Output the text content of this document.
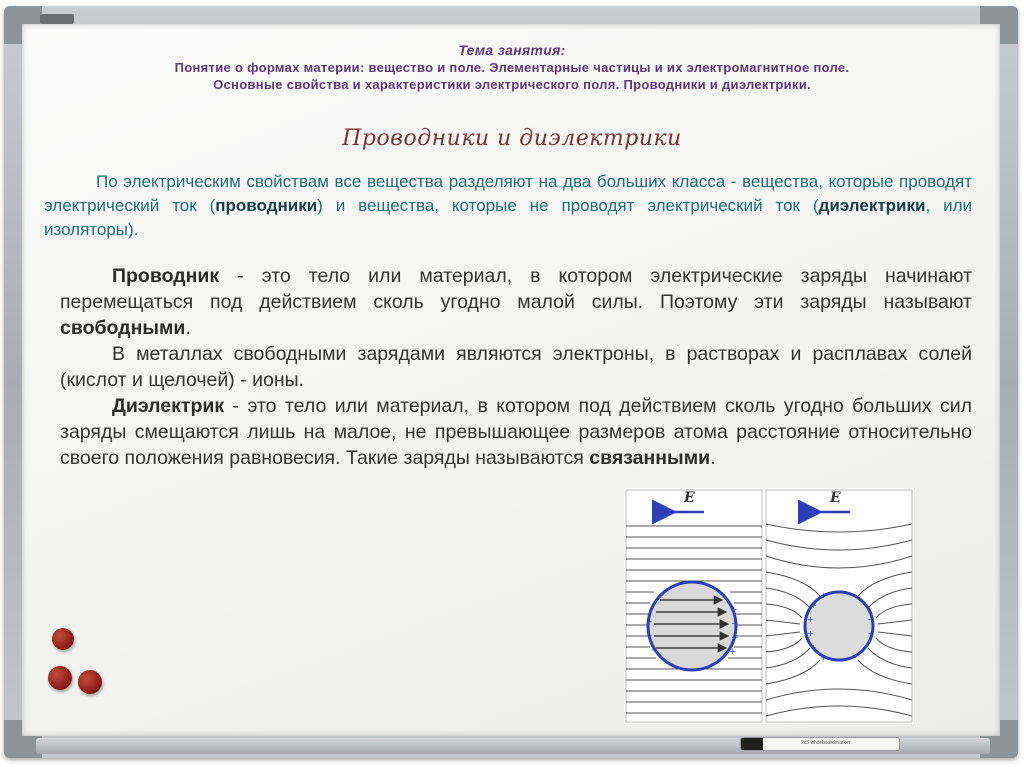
2x3 whiteboardmarker
Тема занятия:
Понятие о формах материи: вещество и поле. Элементарные частицы и их электромагнитное поле.
Основные свойства и характеристики электрического поля. Проводники и диэлектрики.
Проводники и диэлектрики
По электрическим свойствам все вещества разделяют на два больших класса - вещества, которые проводят электрический ток (проводники) и вещества, которые не проводят электрический ток (диэлектрики, или изоляторы).

Проводник - это тело или материал, в котором электрические заряды начинают перемещаться под действием сколь угодно малой силы. Поэтому эти заряды называют свободными.

В металлах свободными зарядами являются электроны, в растворах и расплавах солей (кислот и щелочей) - ионы.

Диэлектрик - это тело или материал, в котором под действием сколь угодно больших сил заряды смещаются лишь на малое, не превышающее размеров атома расстояние относительно своего положения равновесия. Такие заряды называются связанными.

-
-
-
-
+
+
+
+
E
+
+
+
+
+
+
-
-
-
-
-
-
E
